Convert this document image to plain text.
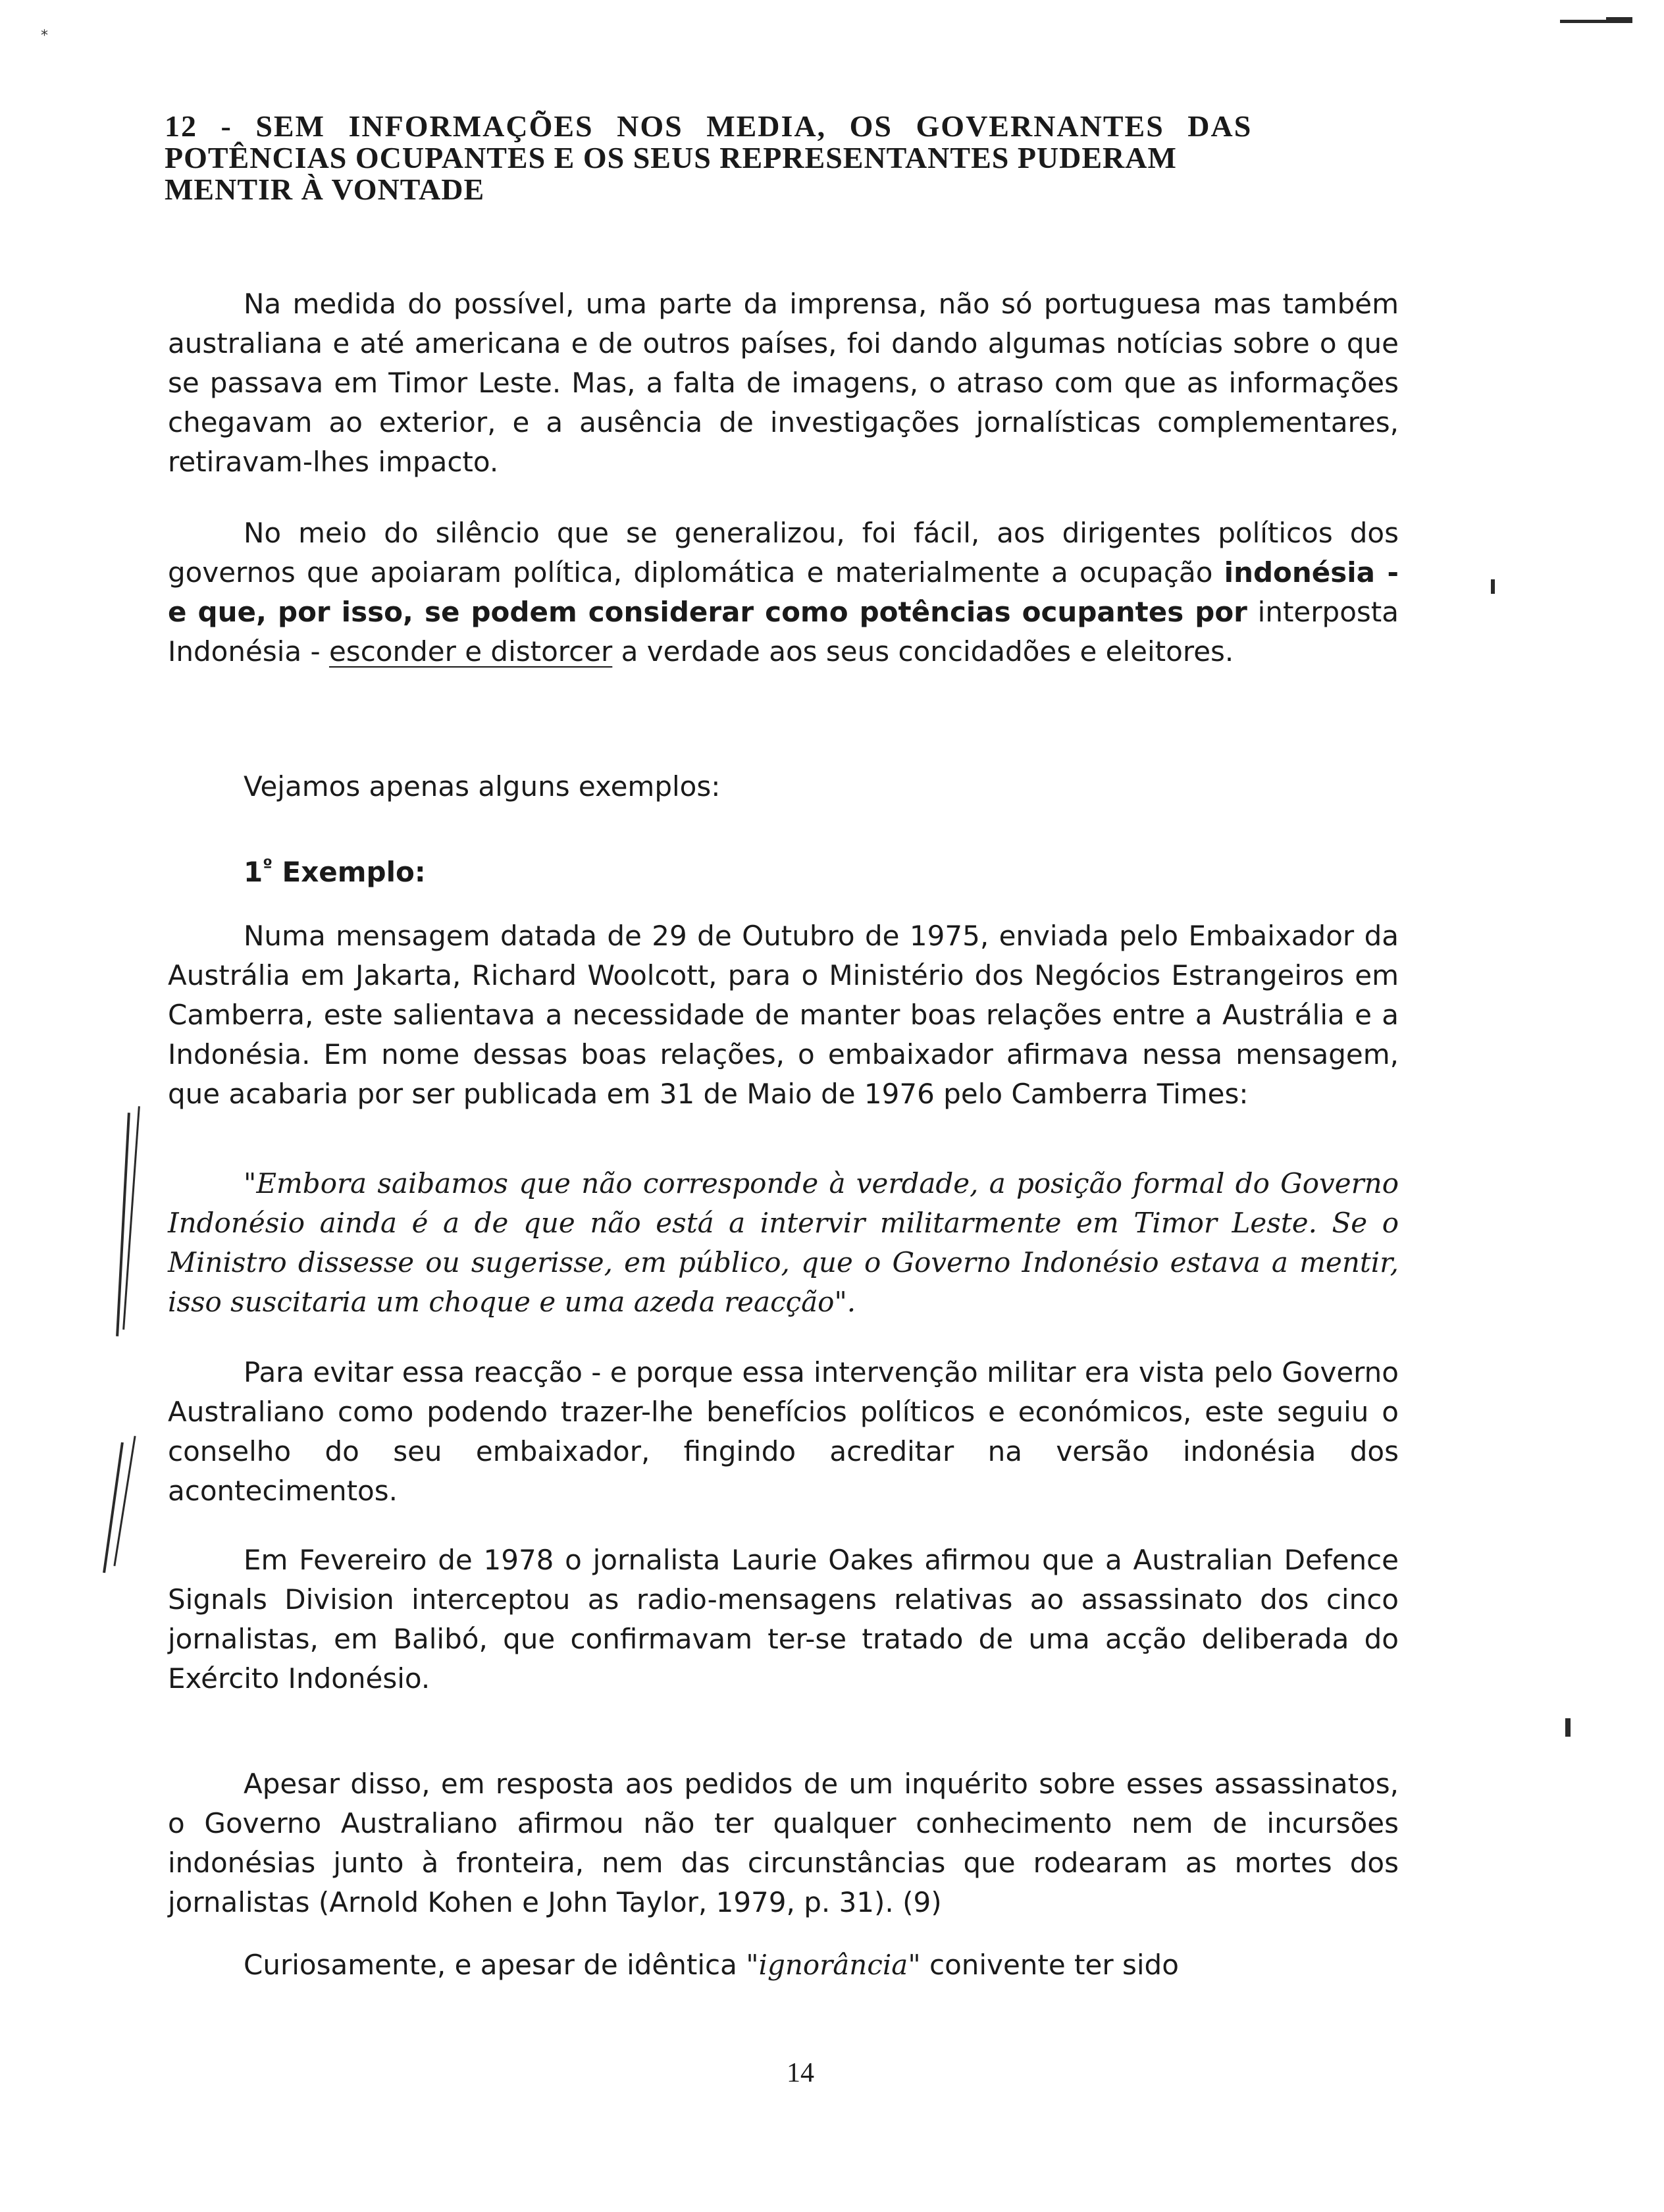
*
12 - SEM INFORMAÇÕES NOS MEDIA, OS GOVERNANTES DAS
POTÊNCIAS OCUPANTES E OS SEUS REPRESENTANTES PUDERAM
MENTIR À VONTADE

Na medida do possível, uma parte da imprensa, não só portuguesa mas também australiana e até americana e de outros países, foi dando algumas notícias sobre o que se passava em Timor Leste. Mas, a falta de imagens, o atraso com que as informações chegavam ao exterior, e a ausência de investigações jornalísticas complementares, retiravam-lhes impacto.

No meio do silêncio que se generalizou, foi fácil, aos dirigentes políticos dos governos que apoiaram política, diplomática e materialmente a ocupação indonésia - e que, por isso, se podem considerar como potências ocupantes por interposta Indonésia - esconder e distorcer a verdade aos seus concidadões e eleitores.

Vejamos apenas alguns exemplos:

$1^º$ Exemplo:

Numa mensagem datada de 29 de Outubro de 1975, enviada pelo Embaixador da Austrália em Jakarta, Richard Woolcott, para o Ministério dos Negócios Estrangeiros em Camberra, este salientava a necessidade de manter boas relações entre a Austrália e a Indonésia. Em nome dessas boas relações, o embaixador afirmava nessa mensagem, que acabaria por ser publicada em 31 de Maio de 1976 pelo Camberra Times:

"Embora saibamos que não corresponde à verdade, a posição formal do Governo Indonésio ainda é a de que não está a intervir militarmente em Timor Leste. Se o Ministro dissesse ou sugerisse, em público, que o Governo Indonésio estava a mentir, isso suscitaria um choque e uma azeda reacção".

Para evitar essa reacção - e porque essa intervenção militar era vista pelo Governo Australiano como podendo trazer-lhe benefícios políticos e económicos, este seguiu o conselho do seu embaixador, fingindo acreditar na versão indonésia dos acontecimentos.

Em Fevereiro de 1978 o jornalista Laurie Oakes afirmou que a Australian Defence Signals Division interceptou as radio-mensagens relativas ao assassinato dos cinco jornalistas, em Balibó, que confirmavam ter-se tratado de uma acção deliberada do Exército Indonésio.

Apesar disso, em resposta aos pedidos de um inquérito sobre esses assassinatos, o Governo Australiano afirmou não ter qualquer conhecimento nem de incursões indonésias junto à fronteira, nem das circunstâncias que rodearam as mortes dos jornalistas (Arnold Kohen e John Taylor, 1979, p. 31). (9)

Curiosamente, e apesar de idêntica "ignorância" conivente ter sido

14
